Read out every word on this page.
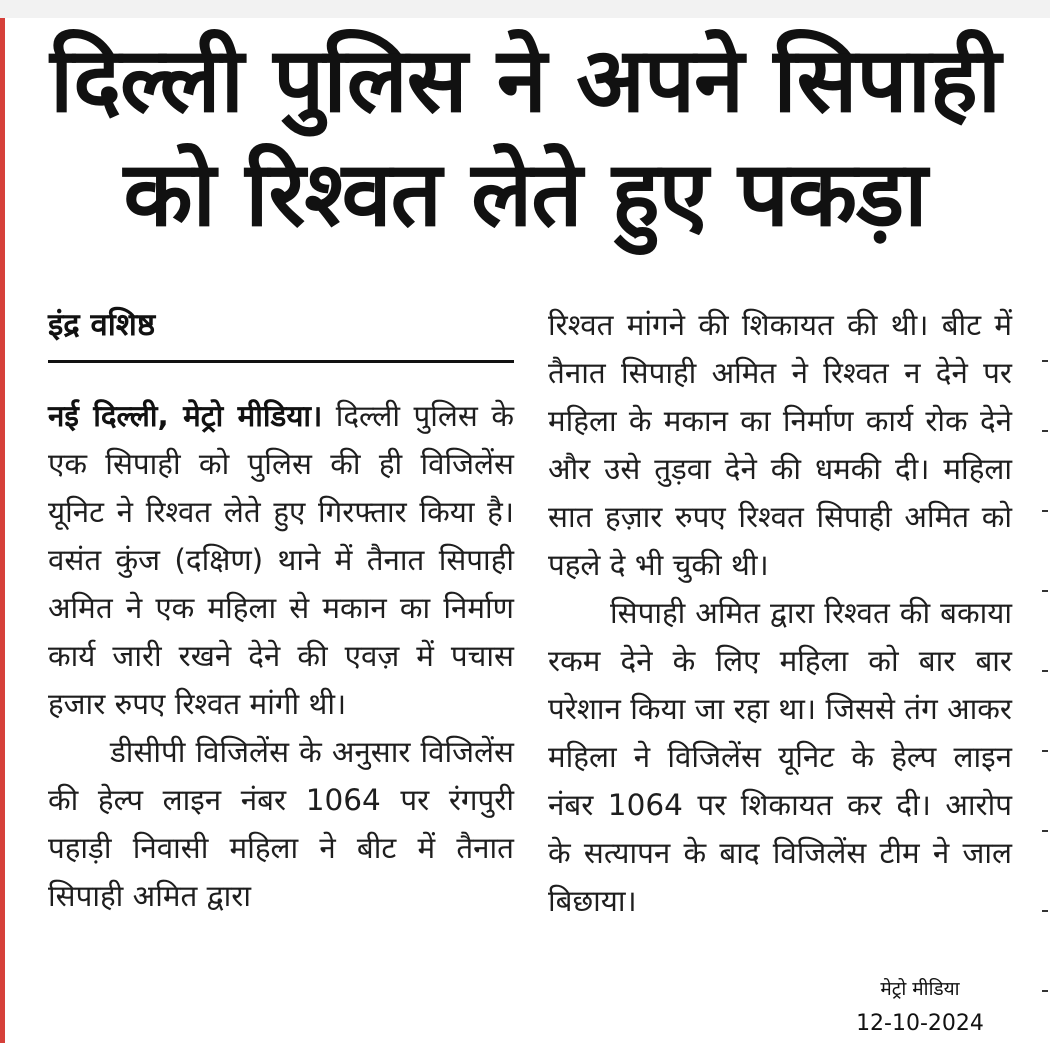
दिल्ली पुलिस ने अपने सिपाही
को रिश्वत लेते हुए पकड़ा
इंद्र वशिष्ठ

नई दिल्ली, मेट्रो मीडिया। दिल्ली पुलिस के एक सिपाही को पुलिस की ही विजिलेंस यूनिट ने रिश्वत लेते हुए गिरफ्तार किया है। वसंत कुंज (दक्षिण) थाने में तैनात सिपाही अमित ने एक महिला से मकान का निर्माण कार्य जारी रखने देने की एवज़ में पचास हजार रुपए रिश्वत मांगी थी।

डीसीपी विजिलेंस के अनुसार विजिलेंस की हेल्प लाइन नंबर 1064 पर रंगपुरी पहाड़ी निवासी महिला ने बीट में तैनात सिपाही अमित द्वारा

रिश्वत मांगने की शिकायत की थी। बीट में तैनात सिपाही अमित ने रिश्वत न देने पर महिला के मकान का निर्माण कार्य रोक देने और उसे तुड़वा देने की धमकी दी। महिला सात हज़ार रुपए रिश्वत सिपाही अमित को पहले दे भी चुकी थी।

सिपाही अमित द्वारा रिश्वत की बकाया रकम देने के लिए महिला को बार बार परेशान किया जा रहा था। जिससे तंग आकर महिला ने विजिलेंस यूनिट के हेल्प लाइन नंबर 1064 पर शिकायत कर दी। आरोप के सत्यापन के बाद विजिलेंस टीम ने जाल बिछाया।

मेट्रो मीडिया
12-10-2024
